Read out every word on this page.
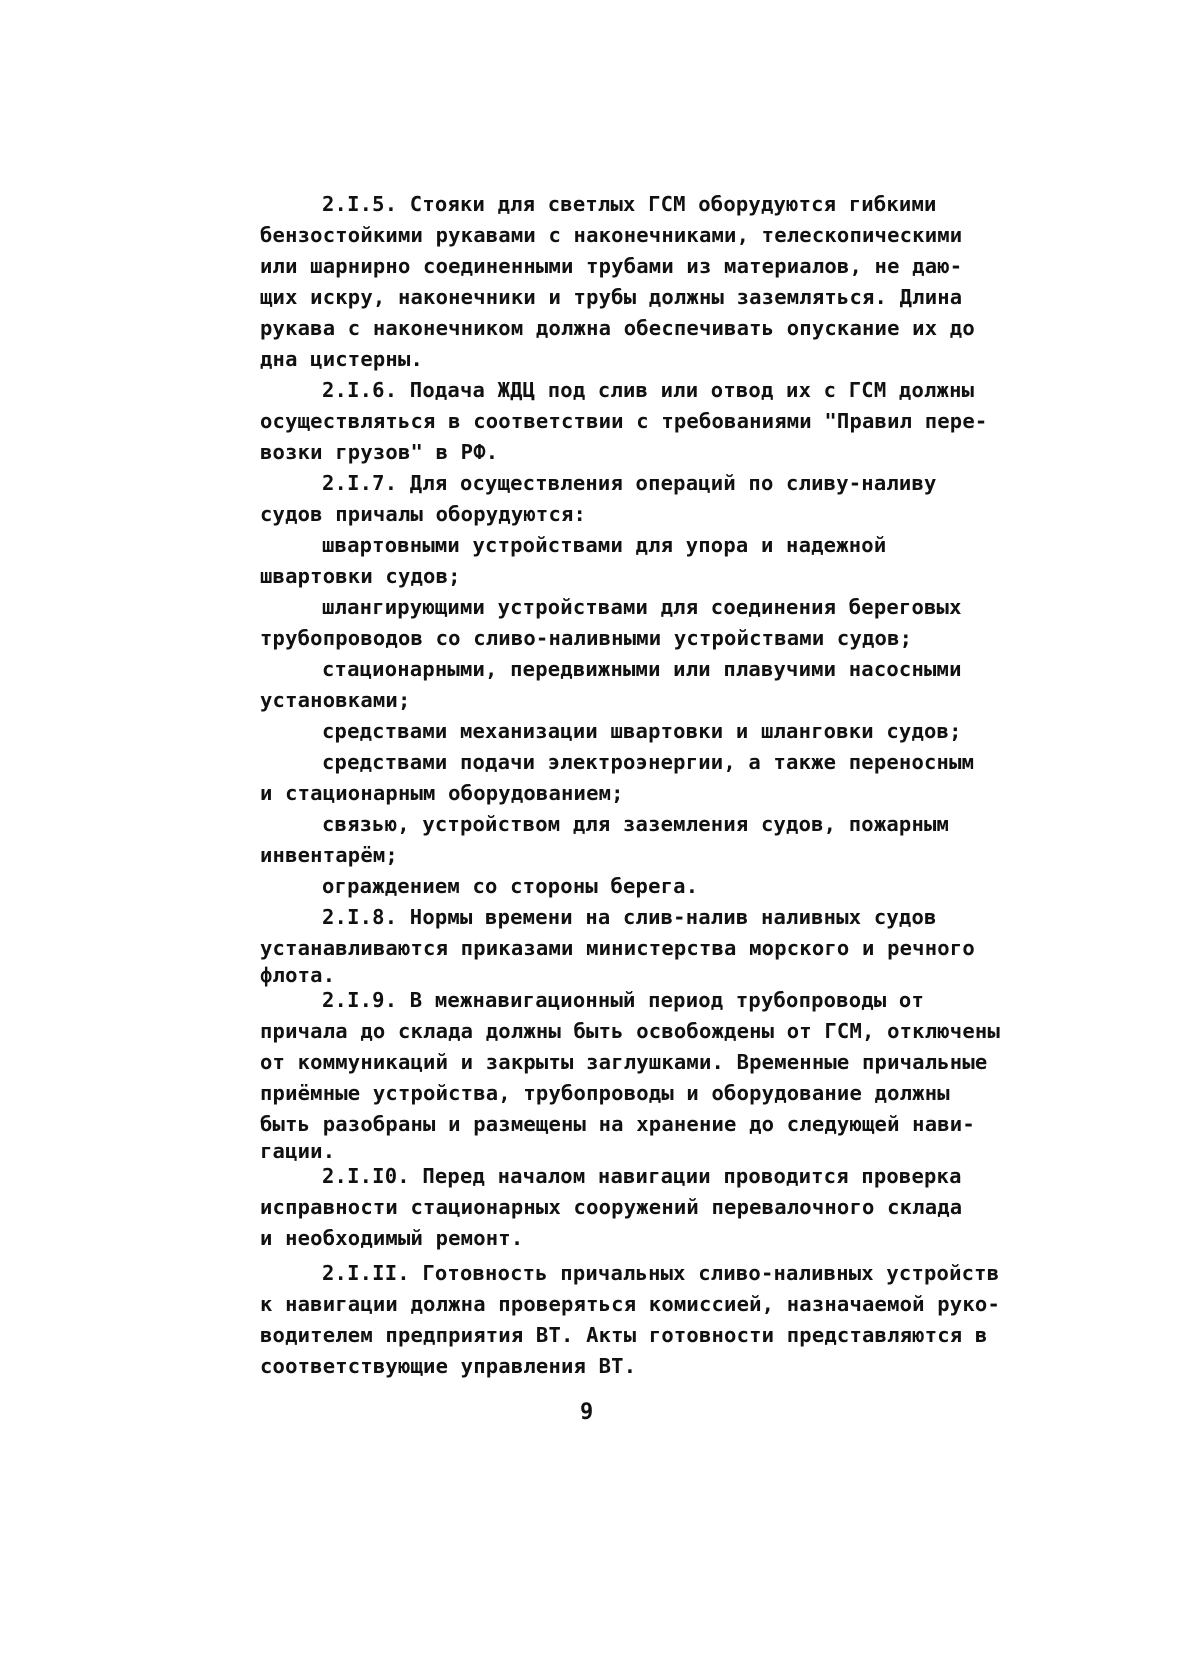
2.I.5. Стояки для светлых ГСМ оборудуются гибкими
бензостойкими рукавами с наконечниками, телескопическими
или шарнирно соединенными трубами из материалов, не даю-
щих искру, наконечники и трубы должны заземляться. Длина
рукава с наконечником должна обеспечивать опускание их до
дна цистерны.
2.I.6. Подача ЖДЦ под слив или отвод их с ГСМ должны
осуществляться в соответствии с требованиями "Правил пере-
возки грузов" в РФ.
2.I.7. Для осуществления операций по сливу-наливу
судов причалы оборудуются:
швартовными устройствами для упора и надежной
швартовки судов;
шлангирующими устройствами для соединения береговых
трубопроводов со сливо-наливными устройствами судов;
стационарными, передвижными или плавучими насосными
установками;
средствами механизации швартовки и шланговки судов;
средствами подачи электроэнергии, а также переносным
и стационарным оборудованием;
связью, устройством для заземления судов, пожарным
инвентарём;
ограждением со стороны берега.
2.I.8. Нормы времени на слив-налив наливных судов
устанавливаются приказами министерства морского и речного
флота.
2.I.9. В межнавигационный период трубопроводы от
причала до склада должны быть освобождены от ГСМ, отключены
от коммуникаций и закрыты заглушками. Временные причальные
приёмные устройства, трубопроводы и оборудование должны
быть разобраны и размещены на хранение до следующей нави-
гации.
2.I.I0. Перед началом навигации проводится проверка
исправности стационарных сооружений перевалочного склада
и необходимый ремонт.
2.I.II. Готовность причальных сливо-наливных устройств
к навигации должна проверяться комиссией, назначаемой руко-
водителем предприятия ВТ. Акты готовности представляются в
соответствующие управления ВТ.
9
